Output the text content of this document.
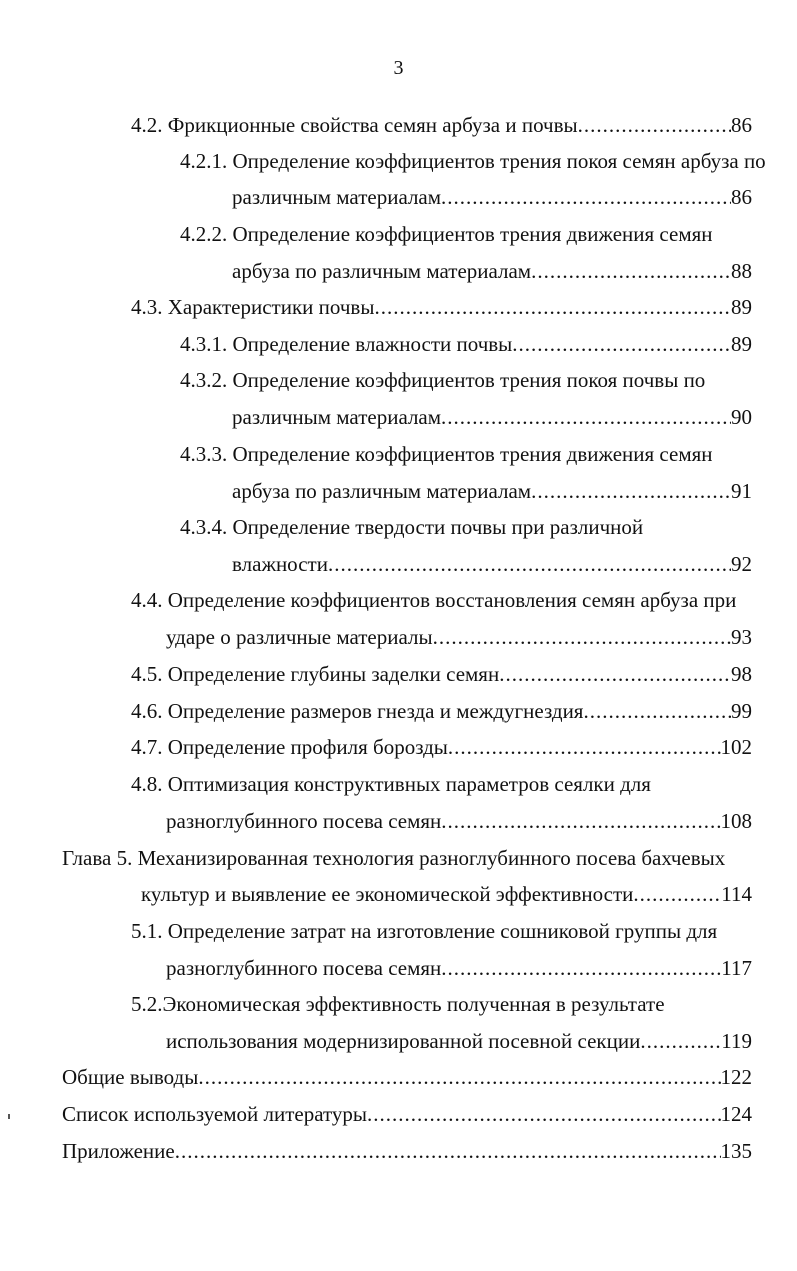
3
4.2. Фрикционные свойства семян арбуза и почвы .....	86
4.2.1. Определение коэффициентов трения покоя семян арбуза по
различным материалам .....	86
4.2.2. Определение коэффициентов трения движения семян
арбуза по различным материалам .....	88
4.3. Характеристики почвы .....	89
4.3.1. Определение влажности почвы .....	89
4.3.2. Определение коэффициентов трения покоя почвы по
различным материалам .....	90
4.3.3. Определение коэффициентов трения движения семян
арбуза по различным материалам .....	91
4.3.4. Определение твердости почвы при различной
влажности .....	92
4.4. Определение коэффициентов восстановления семян арбуза при
ударе о различные материалы .....	93
4.5. Определение глубины заделки семян .....	98
4.6. Определение размеров гнезда и междугнездия .....	99
4.7. Определение профиля борозды .....	102
4.8. Оптимизация конструктивных параметров сеялки для
разноглубинного посева семян .....	108
Глава 5. Механизированная технология разноглубинного посева бахчевых
культур и выявление ее экономической эффективности .....	114
5.1. Определение затрат на изготовление сошниковой группы для
разноглубинного посева семян .....	117
5.2.Экономическая эффективность полученная в результате
использования модернизированной посевной секции .....	119
Общие выводы .....	122
Список используемой литературы .....	124
Приложение .....	135
